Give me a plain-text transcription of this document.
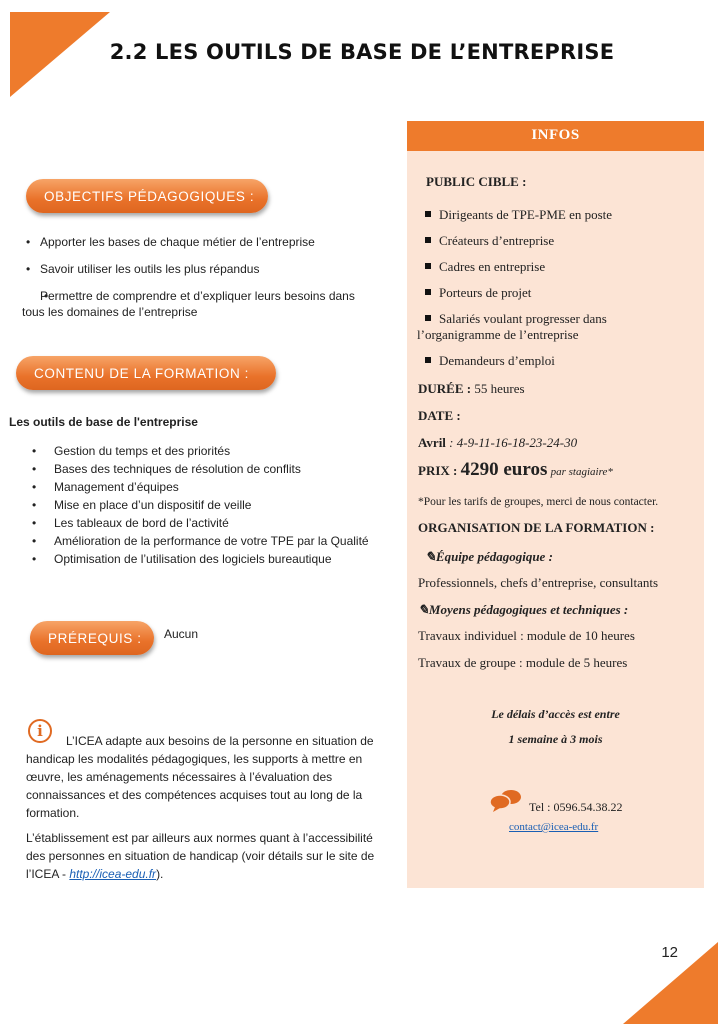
2.2 LES OUTILS DE BASE DE L’ENTREPRISE
OBJECTIFS PÉDAGOGIQUES :
• Apporter les bases de chaque métier de l’entreprise
• Savoir utiliser les outils les plus répandus
• Permettre de comprendre et d’expliquer leurs besoins dans tous les domaines de l’entreprise
CONTENU DE LA FORMATION :
Les outils de base de l'entreprise
• Gestion du temps et des priorités
• Bases des techniques de résolution de conflits
• Management d’équipes
• Mise en place d’un dispositif de veille
• Les tableaux de bord de l’activité
• Amélioration de la performance de votre TPE par la Qualité
• Optimisation de l’utilisation des logiciels bureautique
PRÉREQUIS : Aucun
i

L’ICEA adapte aux besoins de la personne en situation de handicap les modalités pédagogiques, les supports à mettre en œuvre, les aménagements nécessaires à l’évaluation des connaissances et des compétences acquises tout au long de la formation.

L’établissement est par ailleurs aux normes quant à l’accessibilité des personnes en situation de handicap (voir détails sur le site de l’ICEA - http://icea-edu.fr).

INFOS
PUBLIC CIBLE :
Dirigeants de TPE-PME en poste
Créateurs d’entreprise
Cadres en entreprise
Porteurs de projet
Salariés voulant progresser dans l’organigramme de l’entreprise
Demandeurs d’emploi
DURÉE : 55 heures
DATE :
Avril : 4-9-11-16-18-23-24-30
PRIX : 4290 euros par stagiaire*
*Pour les tarifs de groupes, merci de nous contacter.
ORGANISATION DE LA FORMATION :
✎Équipe pédagogique :
Professionnels, chefs d’entreprise, consultants
✎Moyens pédagogiques et techniques :
Travaux individuel : module de 10 heures
Travaux de groupe : module de 5 heures
Le délais d’accès est entre
1 semaine à 3 mois
Tel : 0596.54.38.22
contact@icea-edu.fr
12
